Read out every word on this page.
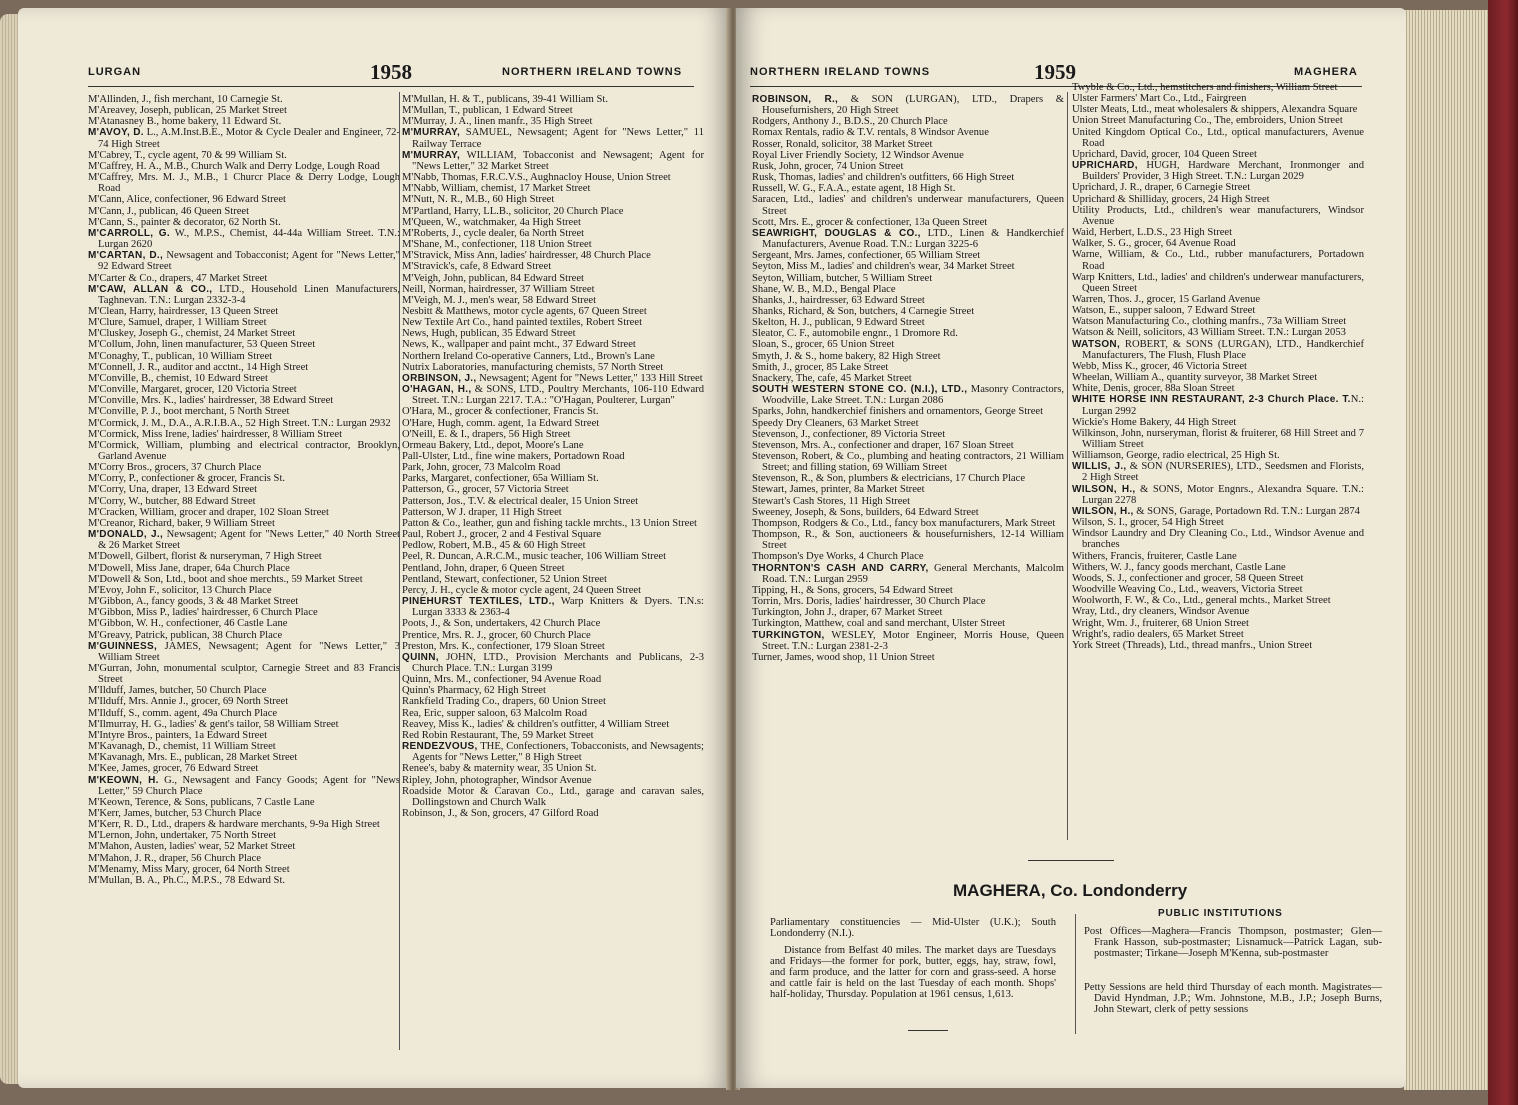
LURGAN	1958	NORTHERN IRELAND TOWNS

M'Allinden, J., fish merchant, 10 Carnegie St.

M'Areavey, Joseph, publican, 25 Market Street

M'Atanasney B., home bakery, 11 Edward St.

M'AVOY, D. L., A.M.Inst.B.E., Motor & Cycle Dealer and Engineer, 72-74 High Street

M'Cabrey, T., cycle agent, 70 & 99 William St.

M'Caffrey, H. A., M.B., Church Walk and Derry Lodge, Lough Road

M'Caffrey, Mrs. M. J., M.B., 1 Churcr Place & Derry Lodge, Lough Road

M'Cann, Alice, confectioner, 96 Edward Street

M'Cann, J., publican, 46 Queen Street

M'Cann, S., painter & decorator, 62 North St.

M'CARROLL, G. W., M.P.S., Chemist, 44-44a William Street. T.N.: Lurgan 2620

M'CARTAN, D., Newsagent and Tobacconist; Agent for "News Letter," 92 Edward Street

M'Carter & Co., drapers, 47 Market Street

M'CAW, ALLAN & CO., LTD., Household Linen Manufacturers, Taghnevan. T.N.: Lurgan 2332-3-4

M'Clean, Harry, hairdresser, 13 Queen Street

M'Clure, Samuel, draper, 1 William Street

M'Cluskey, Joseph G., chemist, 24 Market Street

M'Collum, John, linen manufacturer, 53 Queen Street

M'Conaghy, T., publican, 10 William Street

M'Connell, J. R., auditor and acctnt., 14 High Street

M'Conville, B., chemist, 10 Edward Street

M'Conville, Margaret, grocer, 120 Victoria Street

M'Conville, Mrs. K., ladies' hairdresser, 38 Edward Street

M'Conville, P. J., boot merchant, 5 North Street

M'Cormick, J. M., D.A., A.R.I.B.A., 52 High Street. T.N.: Lurgan 2932

M'Cormick, Miss Irene, ladies' hairdresser, 8 William Street

M'Cormick, William, plumbing and electrical contractor, Brooklyn, Garland Avenue

M'Corry Bros., grocers, 37 Church Place

M'Corry, P., confectioner & grocer, Francis St.

M'Corry, Una, draper, 13 Edward Street

M'Corry, W., butcher, 88 Edward Street

M'Cracken, William, grocer and draper, 102 Sloan Street

M'Creanor, Richard, baker, 9 William Street

M'DONALD, J., Newsagent; Agent for "News Letter," 40 North Street & 26 Market Street

M'Dowell, Gilbert, florist & nurseryman, 7 High Street

M'Dowell, Miss Jane, draper, 64a Church Place

M'Dowell & Son, Ltd., boot and shoe merchts., 59 Market Street

M'Evoy, John F., solicitor, 13 Church Place

M'Gibbon, A., fancy goods, 3 & 48 Market Street

M'Gibbon, Miss P., ladies' hairdresser, 6 Church Place

M'Gibbon, W. H., confectioner, 46 Castle Lane

M'Greavy, Patrick, publican, 38 Church Place

M'GUINNESS, JAMES, Newsagent; Agent for "News Letter," 3 William Street

M'Gurran, John, monumental sculptor, Carnegie Street and 83 Francis Street

M'Ilduff, James, butcher, 50 Church Place

M'Ilduff, Mrs. Annie J., grocer, 69 North Street

M'Ilduff, S., comm. agent, 49a Church Place

M'Ilmurray, H. G., ladies' & gent's tailor, 58 William Street

M'Intyre Bros., painters, 1a Edward Street

M'Kavanagh, D., chemist, 11 William Street

M'Kavanagh, Mrs. E., publican, 28 Market Street

M'Kee, James, grocer, 76 Edward Street

M'KEOWN, H. G., Newsagent and Fancy Goods; Agent for "News Letter," 59 Church Place

M'Keown, Terence, & Sons, publicans, 7 Castle Lane

M'Kerr, James, butcher, 53 Church Place

M'Kerr, R. D., Ltd., drapers & hardware merchants, 9-9a High Street

M'Lernon, John, undertaker, 75 North Street

M'Mahon, Austen, ladies' wear, 52 Market Street

M'Mahon, J. R., draper, 56 Church Place

M'Menamy, Miss Mary, grocer, 64 North Street

M'Mullan, B. A., Ph.C., M.P.S., 78 Edward St.

M'Mullan, H. & T., publicans, 39-41 William St.

M'Mullan, T., publican, 1 Edward Street

M'Murray, J. A., linen manfr., 35 High Street

M'MURRAY, SAMUEL, Newsagent; Agent for "News Letter," 11 Railway Terrace

M'MURRAY, WILLIAM, Tobacconist and Newsagent; Agent for "News Letter," 32 Market Street

M'Nabb, Thomas, F.R.C.V.S., Aughnacloy House, Union Street

M'Nabb, William, chemist, 17 Market Street

M'Nutt, N. R., M.B., 60 High Street

M'Partland, Harry, LL.B., solicitor, 20 Church Place

M'Queen, W., watchmaker, 4a High Street

M'Roberts, J., cycle dealer, 6a North Street

M'Shane, M., confectioner, 118 Union Street

M'Stravick, Miss Ann, ladies' hairdresser, 48 Church Place

M'Stravick's, cafe, 8 Edward Street

M'Veigh, John, publican, 84 Edward Street

Neill, Norman, hairdresser, 37 William Street

M'Veigh, M. J., men's wear, 58 Edward Street

Nesbitt & Matthews, motor cycle agents, 67 Queen Street

New Textile Art Co., hand painted textiles, Robert Street

News, Hugh, publican, 35 Edward Street

News, K., wallpaper and paint mcht., 37 Edward Street

Northern Ireland Co-operative Canners, Ltd., Brown's Lane

Nutrix Laboratories, manufacturing chemists, 57 North Street

ORBINSON, J., Newsagent; Agent for "News Letter," 133 Hill Street

O'HAGAN, H., & SONS, LTD., Poultry Merchants, 106-110 Edward Street. T.N.: Lurgan 2217. T.A.: "O'Hagan, Poulterer, Lurgan"

O'Hara, M., grocer & confectioner, Francis St.

O'Hare, Hugh, comm. agent, 1a Edward Street

O'Neill, E. & I., drapers, 56 High Street

Ormeau Bakery, Ltd., depot, Moore's Lane

Pall-Ulster, Ltd., fine wine makers, Portadown Road

Park, John, grocer, 73 Malcolm Road

Parks, Margaret, confectioner, 65a William St.

Patterson, G., grocer, 57 Victoria Street

Patterson, Jos., T.V. & electrical dealer, 15 Union Street

Patterson, W J. draper, 11 High Street

Patton & Co., leather, gun and fishing tackle mrchts., 13 Union Street

Paul, Robert J., grocer, 2 and 4 Festival Square

Pedlow, Robert, M.B., 45 & 60 High Street

Peel, R. Duncan, A.R.C.M., music teacher, 106 William Street

Pentland, John, draper, 6 Queen Street

Pentland, Stewart, confectioner, 52 Union Street

Percy, J. H., cycle & motor cycle agent, 24 Queen Street

PINEHURST TEXTILES, LTD., Warp Knitters & Dyers. T.N.s: Lurgan 3333 & 2363-4

Poots, J., & Son, undertakers, 42 Church Place

Prentice, Mrs. R. J., grocer, 60 Church Place

Preston, Mrs. K., confectioner, 179 Sloan Street

QUINN, JOHN, LTD., Provision Merchants and Publicans, 2-3 Church Place. T.N.: Lurgan 3199

Quinn, Mrs. M., confectioner, 94 Avenue Road

Quinn's Pharmacy, 62 High Street

Rankfield Trading Co., drapers, 60 Union Street

Rea, Eric, supper saloon, 63 Malcolm Road

Reavey, Miss K., ladies' & children's outfitter, 4 William Street

Red Robin Restaurant, The, 59 Market Street

RENDEZVOUS, THE, Confectioners, Tobacconists, and Newsagents; Agents for "News Letter," 8 High Street

Renee's, baby & maternity wear, 35 Union St.

Ripley, John, photographer, Windsor Avenue

Roadside Motor & Caravan Co., Ltd., garage and caravan sales, Dollingstown and Church Walk

Robinson, J., & Son, grocers, 47 Gilford Road

NORTHERN IRELAND TOWNS	1959	MAGHERA

ROBINSON, R., & SON (LURGAN), LTD., Drapers & Housefurnishers, 20 High Street

Rodgers, Anthony J., B.D.S., 20 Church Place

Romax Rentals, radio & T.V. rentals, 8 Windsor Avenue

Rosser, Ronald, solicitor, 38 Market Street

Royal Liver Friendly Society, 12 Windsor Avenue

Rusk, John, grocer, 74 Union Street

Rusk, Thomas, ladies' and children's outfitters, 66 High Street

Russell, W. G., F.A.A., estate agent, 18 High St.

Saracen, Ltd., ladies' and children's underwear manufacturers, Queen Street

Scott, Mrs. E., grocer & confectioner, 13a Queen Street

SEAWRIGHT, DOUGLAS & CO., LTD., Linen & Handkerchief Manufacturers, Avenue Road. T.N.: Lurgan 3225-6

Sergeant, Mrs. James, confectioner, 65 William Street

Seyton, Miss M., ladies' and children's wear, 34 Market Street

Seyton, William, butcher, 5 William Street

Shane, W. B., M.D., Bengal Place

Shanks, J., hairdresser, 63 Edward Street

Shanks, Richard, & Son, butchers, 4 Carnegie Street

Skelton, H. J., publican, 9 Edward Street

Sleator, C. F., automobile engnr., 1 Dromore Rd.

Sloan, S., grocer, 65 Union Street

Smyth, J. & S., home bakery, 82 High Street

Smith, J., grocer, 85 Lake Street

Snackery, The, cafe, 45 Market Street

SOUTH WESTERN STONE CO. (N.I.), LTD., Masonry Contractors, Woodville, Lake Street. T.N.: Lurgan 2086

Sparks, John, handkerchief finishers and ornamentors, George Street

Speedy Dry Cleaners, 63 Market Street

Stevenson, J., confectioner, 89 Victoria Street

Stevenson, Mrs. A., confectioner and draper, 167 Sloan Street

Stevenson, Robert, & Co., plumbing and heating contractors, 21 William Street; and filling station, 69 William Street

Stevenson, R., & Son, plumbers & electricians, 17 Church Place

Stewart, James, printer, 8a Market Street

Stewart's Cash Stores, 11 High Street

Sweeney, Joseph, & Sons, builders, 64 Edward Street

Thompson, Rodgers & Co., Ltd., fancy box manufacturers, Mark Street

Thompson, R., & Son, auctioneers & housefurnishers, 12-14 William Street

Thompson's Dye Works, 4 Church Place

THORNTON'S CASH AND CARRY, General Merchants, Malcolm Road. T.N.: Lurgan 2959

Tipping, H., & Sons, grocers, 54 Edward Street

Torrin, Mrs. Doris, ladies' hairdresser, 30 Church Place

Turkington, John J., draper, 67 Market Street

Turkington, Matthew, coal and sand merchant, Ulster Street

TURKINGTON, WESLEY, Motor Engineer, Morris House, Queen Street. T.N.: Lurgan 2381-2-3

Turner, James, wood shop, 11 Union Street

Twyble & Co., Ltd., hemstitchers and finishers, William Street

Ulster Farmers' Mart Co., Ltd., Fairgreen

Ulster Meats, Ltd., meat wholesalers & shippers, Alexandra Square

Union Street Manufacturing Co., The, embroiders, Union Street

United Kingdom Optical Co., Ltd., optical manufacturers, Avenue Road

Uprichard, David, grocer, 104 Queen Street

UPRICHARD, HUGH, Hardware Merchant, Ironmonger and Builders' Provider, 3 High Street. T.N.: Lurgan 2029

Uprichard, J. R., draper, 6 Carnegie Street

Uprichard & Shilliday, grocers, 24 High Street

Utility Products, Ltd., children's wear manufacturers, Windsor Avenue

Waid, Herbert, L.D.S., 23 High Street

Walker, S. G., grocer, 64 Avenue Road

Warne, William, & Co., Ltd., rubber manufacturers, Portadown Road

Warp Knitters, Ltd., ladies' and children's underwear manufacturers, Queen Street

Warren, Thos. J., grocer, 15 Garland Avenue

Watson, E., supper saloon, 7 Edward Street

Watson Manufacturing Co., clothing manfrs., 73a William Street

Watson & Neill, solicitors, 43 William Street. T.N.: Lurgan 2053

WATSON, ROBERT, & SONS (LURGAN), LTD., Handkerchief Manufacturers, The Flush, Flush Place

Webb, Miss K., grocer, 46 Victoria Street

Wheelan, William A., quantity surveyor, 38 Market Street

White, Denis, grocer, 88a Sloan Street

WHITE HORSE INN RESTAURANT, 2-3 Church Place. T.N.: Lurgan 2992

Wickie's Home Bakery, 44 High Street

Wilkinson, John, nurseryman, florist & fruiterer, 68 Hill Street and 7 William Street

Williamson, George, radio electrical, 25 High St.

WILLIS, J., & SON (NURSERIES), LTD., Seedsmen and Florists, 2 High Street

WILSON, H., & SONS, Motor Engnrs., Alexandra Square. T.N.: Lurgan 2278

WILSON, H., & SONS, Garage, Portadown Rd. T.N.: Lurgan 2874

Wilson, S. I., grocer, 54 High Street

Windsor Laundry and Dry Cleaning Co., Ltd., Windsor Avenue and branches

Withers, Francis, fruiterer, Castle Lane

Withers, W. J., fancy goods merchant, Castle Lane

Woods, S. J., confectioner and grocer, 58 Queen Street

Woodville Weaving Co., Ltd., weavers, Victoria Street

Woolworth, F. W., & Co., Ltd., general mchts., Market Street

Wray, Ltd., dry cleaners, Windsor Avenue

Wright, Wm. J., fruiterer, 68 Union Street

Wright's, radio dealers, 65 Market Street

York Street (Threads), Ltd., thread manfrs., Union Street

MAGHERA, Co. Londonderry
Parliamentary constituencies — Mid-Ulster (U.K.); South Londonderry (N.I.).
Distance from Belfast 40 miles. The market days are Tuesdays and Fridays—the former for pork, butter, eggs, hay, straw, fowl, and farm produce, and the latter for corn and grass-seed. A horse and cattle fair is held on the last Tuesday of each month. Shops' half-holiday, Thursday. Population at 1961 census, 1,613.
PUBLIC INSTITUTIONS
Post Offices—Maghera—Francis Thompson, postmaster; Glen—Frank Hasson, sub-postmaster; Lisnamuck—Patrick Lagan, sub-postmaster; Tirkane—Joseph M'Kenna, sub-postmaster
Petty Sessions are held third Thursday of each month. Magistrates—David Hyndman, J.P.; Wm. Johnstone, M.B., J.P.; Joseph Burns, John Stewart, clerk of petty sessions
